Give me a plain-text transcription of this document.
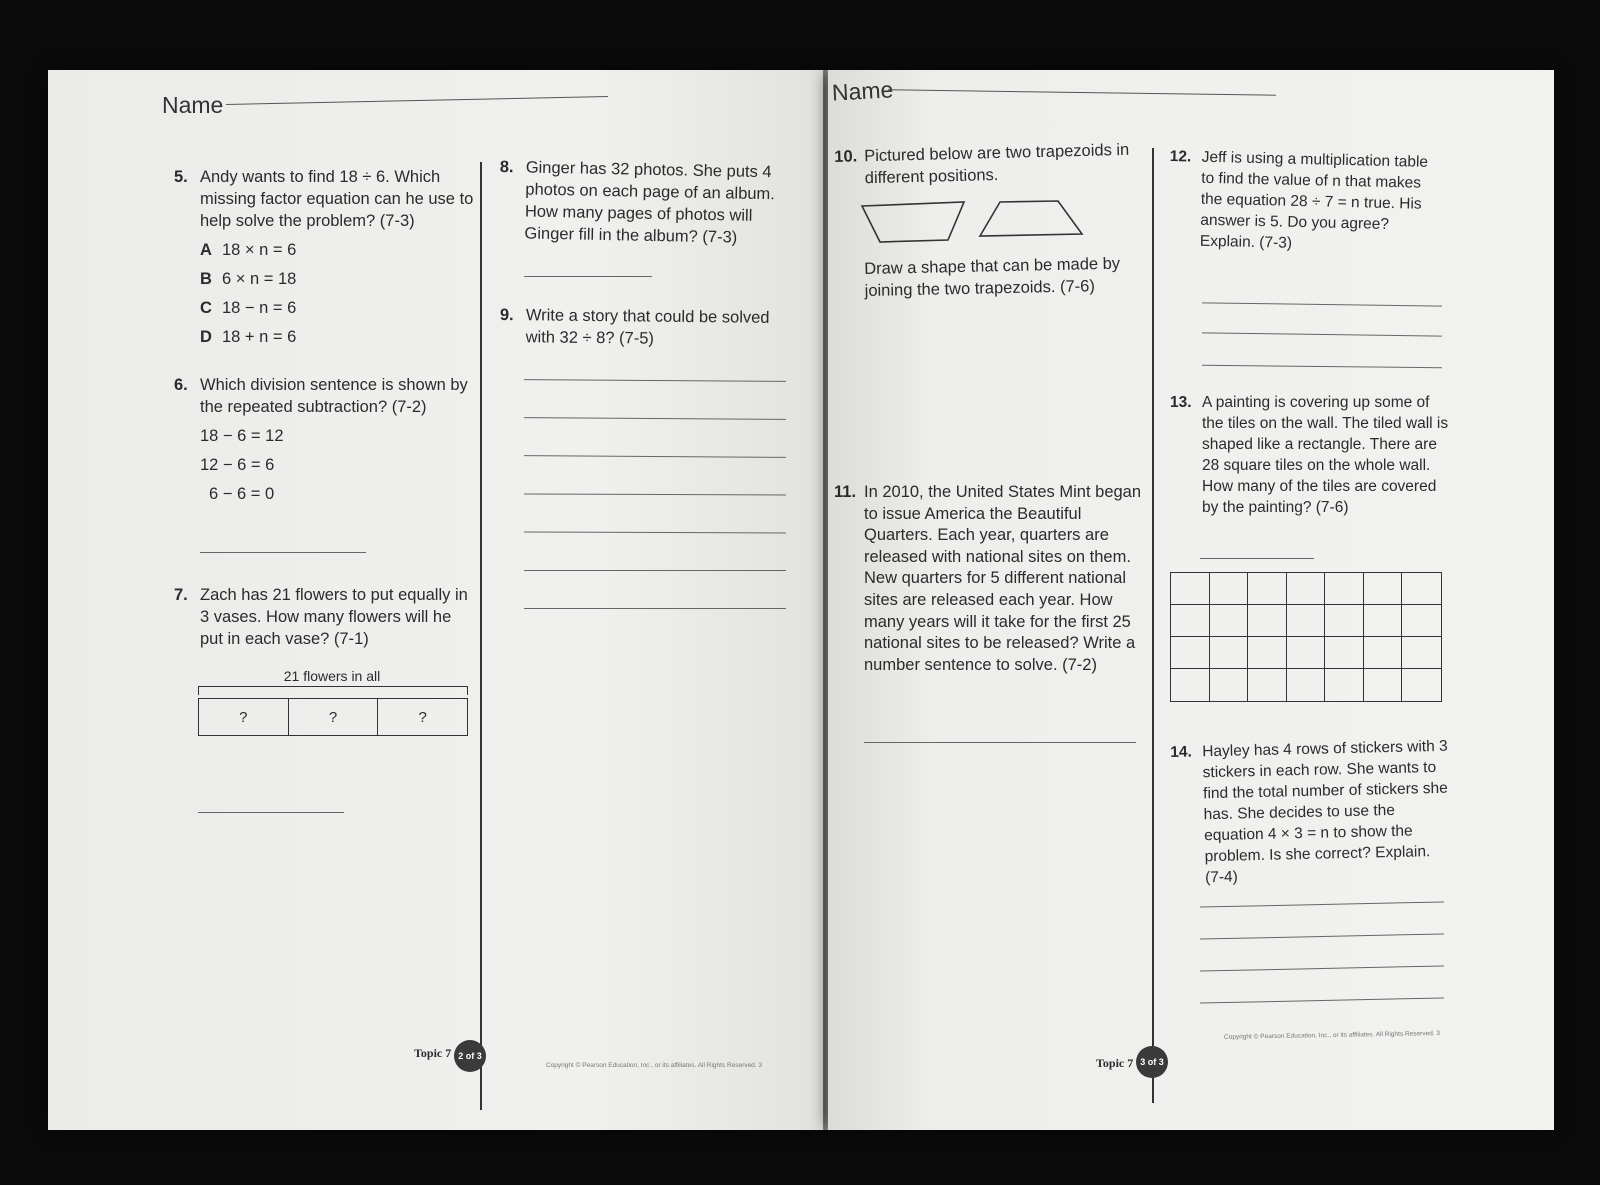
Name
5. Andy wants to find 18 ÷ 6. Which missing factor equation can he use to help solve the problem? (7-3)
A 18 × n = 6
B 6 × n = 18
C 18 − n = 6
D 18 + n = 6
6. Which division sentence is shown by the repeated subtraction? (7-2)
18 − 6 = 12
12 − 6 = 6
6 − 6 = 0
7. Zach has 21 flowers to put equally in 3 vases. How many flowers will he put in each vase? (7-1)
21 flowers in all
?	?	?
8. Ginger has 32 photos. She puts 4 photos on each page of an album. How many pages of photos will Ginger fill in the album? (7-3)
9. Write a story that could be solved with 32 ÷ 8? (7-5)
Topic 7 2 of 3
Copyright © Pearson Education, Inc., or its affiliates. All Rights Reserved. 3
Name
10. Pictured below are two trapezoids in different positions.
Draw a shape that can be made by joining the two trapezoids. (7-6)
11. In 2010, the United States Mint began to issue America the Beautiful Quarters. Each year, quarters are released with national sites on them. New quarters for 5 different national sites are released each year. How many years will it take for the first 25 national sites to be released? Write a number sentence to solve. (7-2)
12. Jeff is using a multiplication table to find the value of n that makes the equation 28 ÷ 7 = n true. His answer is 5. Do you agree? Explain. (7-3)
13. A painting is covering up some of the tiles on the wall. The tiled wall is shaped like a rectangle. There are 28 square tiles on the whole wall. How many of the tiles are covered by the painting? (7-6)
14. Hayley has 4 rows of stickers with 3 stickers in each row. She wants to find the total number of stickers she has. She decides to use the equation 4 × 3 = n to show the problem. Is she correct? Explain. (7-4)
Topic 7 3 of 3
Copyright © Pearson Education, Inc., or its affiliates. All Rights Reserved. 3
